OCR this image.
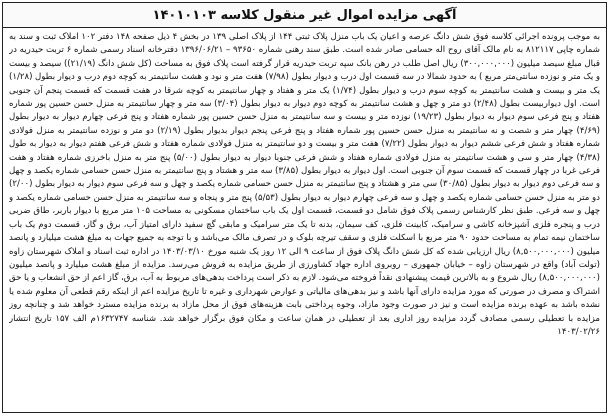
آگهی مزایده اموال غیر منقول کلاسه ۱۴۰۱۰۱۰۳

به موجب پرونده اجرائی کلاسه فوق شش دانگ عرصه و اعیان یک باب منزل پلاک ثبتی ۱۴۴ از پلاک اصلی ۱۳۹ در بخش ۴ ذیل صفحه ۱۴۸ دفتر ۱۰۲ املاک ثبت و سند به شماره چاپی ۸۱۲۱۱۷ به نام مالک آقای روح اله حسامی صادر شده است. طبق سند رهنی شماره ۹۳۶۵۰ – ۱۳۹۶/۰۶/۲۱ دفترخانه اسناد رسمی شماره ۶ تربت حیدریه در قبال مبلغ سیصد میلیون (۳۰۰,۰۰۰,۰۰۰) ریال اصل طلب در رهن بانک سپه تربت حیدریه قرار گرفته است پلاک فوق به مساحت (کل شش دانگ (۲۱/۱۹)) سیصد و بیست و یک متر و نوزده سانتی‌متر مربع ) به حدود شمالا در سه قسمت اول درب و دیوار بطول (۷/۹۸) هفت متر و نود و هشت سانتیمتر به کوچه دوم درب و دیوار بطول (۱/۲۸) یک متر و بیست و هشت سانتیمتر به کوچه سوم درب و دیوار بطول (۱/۷۴) یک متر و هفتاد و چهار سانتیمتر به کوچه شرقا در هفت قسمت که قسمت پنجم آن جنوبی است. اول دیواربیست بطول (۲/۴۸) دو متر و چهل و هشت سانتیمتر به کوچه دوم دیوار به دیوار بطول (۳/۰۴) سه متر و چهار سانتیمتر به منزل حسن حسین پور شماره هفتاد و پنج فرعی سوم دیوار به دیوار بطول (۱۹/۲۳) نوزده متر و بیست و سه سانتیمتر به منزل حسن حسین پور شماره هفتاد و پنج فرعی چهارم دیوار به دیوار بطول (۴/۶۹) چهار متر و شصت و نه سانتیمتر به منزل حسن حسین پور شماره هفتاد و پنج فرعی پنجم دیوار بدیوار بطول (۲/۱۹) دو متر و نوزده سانتیمتر به منزل فولادی شماره هفتاد و شش فرعی ششم دیوار به دیوار بطول (۷/۲۲) هفت متر و بیست و دو سانتیمتر به منزل فولادی شماره هفتاد و شش فرعی هفتم دیوار به دیوار به طول (۴/۳۸) چهار متر و سی و هشت سانتیمتر به منزل فولادی شماره هفتاد و شش فرعی جنوبا دیوار به دیوار بطول (۵/۰۰) پنج متر به منزل باخرزی شماره هفتاد و هفت فرعی غربا در چهار قسمت که قسمت سوم آن جنوبی است. اول دیوار به دیوار بطول (۳/۸۵) سه متر و هشتاد و پنج سانتیمتر به منزل حسن حسامی شماره یکصد و چهل و سه فرعی دوم دیوار به دیوار بطول (۳۰/۸۵) سی متر و هشتاد و پنج سانتیمتر به منزل حسن حسامی شماره یکصد و چهل و سه فرعی سوم دیوار به دیوار بطول (۲/۰۰) دو متر به منزل حسن حسامی شماره یکصد و چهل و سه فرعی چهارم دیوار به دیوار بطول (۵/۵۳) پنج متر و پنجاه و سه سانتیمتر به منزل حسن حسامی شماره یکصد و چهل و سه فرعی. طبق نظر کارشناس رسمی پلاک فوق شامل دو قسمت، قسمت اول یک باب ساختمان مسکونی به مساحت ۱۰۵ متر مربع با دیوار باربر، طاق ضربی درب و پنجره فلزی آشپزخانه کاشی و سرامیک، کابینت فلزی، کف سیمان، بدنه تا یک متر سرامیک و مابقی گچ سفید دارای امتیاز آب، برق و گاز، قسمت دوم یک باب ساختمان نیمه تمام به مساحت حدود ۹۰ متر مربع با اسکلت فلزی و سقف تیرچه بلوک و در تصرف مالک می‌باشد و با توجه به جمیع جهات به مبلغ هشت میلیارد و پانصد میلیون (۸,۵۰۰,۰۰۰,۰۰۰) ریال ارزیابی شده که کل شش دانگ پلاک فوق از ساعت ۹ الی ۱۲ روز یک شنبه مورخ ۱۴۰۳/۰۳/۱۰ در اداره ثبت اسناد و املاک شهرستان زاوه (تولت آباد) واقع در شهرستان زاوه – خیابان جمهوری – روبروی اداره جهاد کشاورزی از طریق مزایده به فروش می‌رسد. مزایده از مبلغ هشت میلیارد و پانصد میلیون (۸,۵۰۰,۰۰۰,۰۰۰) ریال شروع و به بالاترین قیمت پیشنهادی نقداً فروخته می‌شود. لازم به ذکر است پرداخت بدهی‌های مربوط به آب، برق، گاز اعم از حق انشعاب و یا حق اشتراک و مصرف در صورتی که مورد مزایده دارای آنها باشد و نیز بدهی‌های مالیاتی و عوارض شهرداری و غیره تا تاریخ مزایده اعم از اینکه رقم قطعی آن معلوم شده یا نشده باشد به عهده برنده مزایده است و نیز در صورت وجود مازاد، وجوه پرداختی بابت هزینه‌های فوق از محل مازاد به برنده مزایده مسترد خواهد شد و چنانچه روز مزایده با تعطیلی رسمی مصادف گردد مزایده روز اداری بعد از تعطیلی در همان ساعت و مکان فوق برگزار خواهد شد. شناسه ۱۶۳۲۷۴۷م الف ۱۵۷ تاریخ انتشار ۱۴۰۳/۰۲/۲۶
